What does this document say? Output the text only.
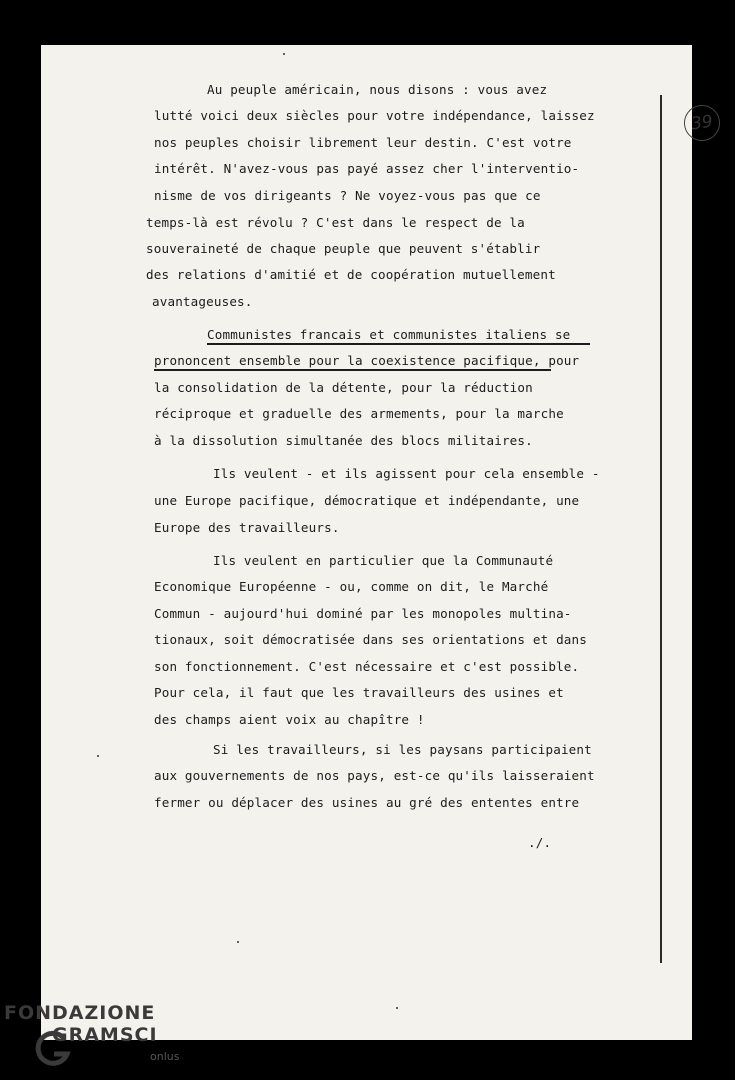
39
Au peuple américain, nous disons : vous avez
lutté voici deux siècles pour votre indépendance, laissez
nos peuples choisir librement leur destin. C'est votre
intérêt. N'avez-vous pas payé assez cher l'interventio-
nisme de vos dirigeants ? Ne voyez-vous pas que ce
temps-là est révolu ? C'est dans le respect de la
souveraineté de chaque peuple que peuvent s'établir
des relations d'amitié et de coopération mutuellement
avantageuses.
Communistes francais et communistes italiens se
prononcent ensemble pour la coexistence pacifique, pour
la consolidation de la détente, pour la réduction
réciproque et graduelle des armements, pour la marche
à la dissolution simultanée des blocs militaires.
Ils veulent - et ils agissent pour cela ensemble -
une Europe pacifique, démocratique et indépendante, une
Europe des travailleurs.
Ils veulent en particulier que la Communauté
Economique Européenne - ou, comme on dit, le Marché
Commun - aujourd'hui dominé par les monopoles multina-
tionaux, soit démocratisée dans ses orientations et dans
son fonctionnement. C'est nécessaire et c'est possible.
Pour cela, il faut que les travailleurs des usines et
des champs aient voix au chapître !
Si les travailleurs, si les paysans participaient
aux gouvernements de nos pays, est-ce qu'ils laisseraient
fermer ou déplacer des usines au gré des ententes entre
./.
FONDAZIONE
GRAMSCI
onlus
